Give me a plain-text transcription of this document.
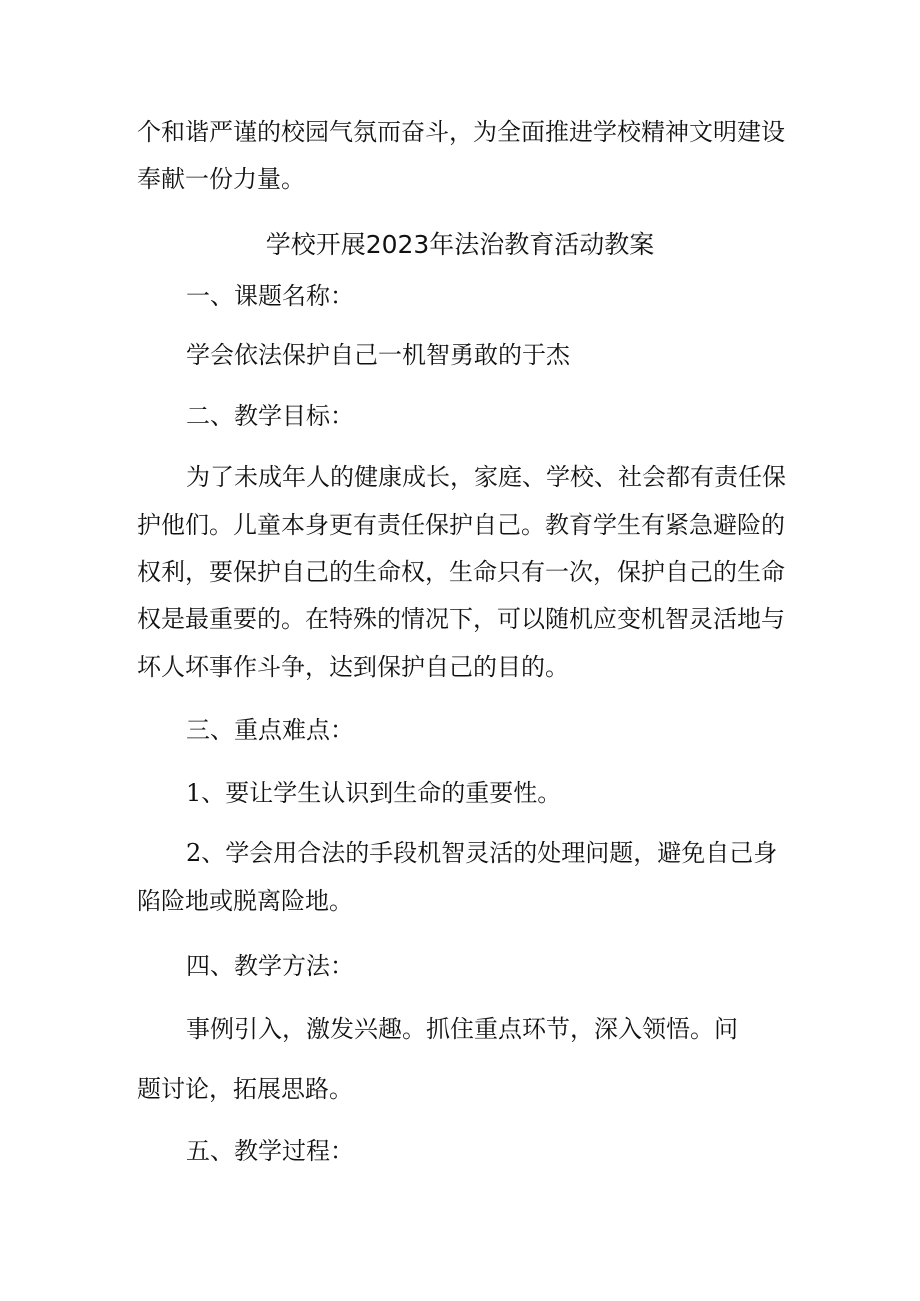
个和谐严谨的校园气氛而奋斗，为全面推进学校精神文明建设
奉献一份力量。
学校开展2023年法治教育活动教案
一、课题名称：
学会依法保护自己一机智勇敢的于杰
二、教学目标：
为了未成年人的健康成长，家庭、学校、社会都有责任保
护他们。儿童本身更有责任保护自己。教育学生有紧急避险的
权利，要保护自己的生命权，生命只有一次，保护自己的生命
权是最重要的。在特殊的情况下，可以随机应变机智灵活地与
坏人坏事作斗争，达到保护自己的目的。
三、重点难点：
1、要让学生认识到生命的重要性。
2、学会用合法的手段机智灵活的处理问题，避免自己身
陷险地或脱离险地。
四、教学方法：
事例引入，激发兴趣。抓住重点环节，深入领悟。问
题讨论，拓展思路。
五、教学过程：
